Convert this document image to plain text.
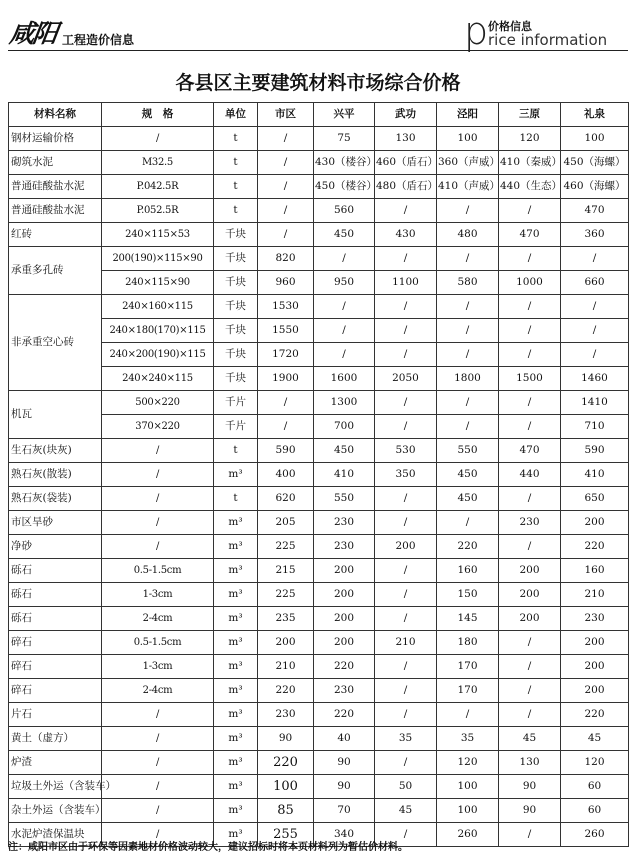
咸阳 工程造价信息	p 价格信息
rice information
各县区主要建筑材料市场综合价格
材料名称	规　格	单位	市区	兴平	武功	泾阳	三原	礼泉
钢材运输价格	/	t	/	75	130	100	120	100
砌筑水泥	M32.5	t	/	430（楼谷）	460（盾石）	360（声威）	410（秦威）	450（海螺）
普通硅酸盐水泥	P.042.5R	t	/	450（楼谷）	480（盾石）	410（声威）	440（生态）	460（海螺）
普通硅酸盐水泥	P.052.5R	t	/	560	/	/	/	470
红砖	240×115×53	千块	/	450	430	480	470	360
承重多孔砖	200(190)×115×90	千块	820	/	/	/	/	/
	240×115×90	千块	960	950	1100	580	1000	660
非承重空心砖	240×160×115	千块	1530	/	/	/	/	/
	240×180(170)×115	千块	1550	/	/	/	/	/
	240×200(190)×115	千块	1720	/	/	/	/	/
	240×240×115	千块	1900	1600	2050	1800	1500	1460
机瓦	500×220	千片	/	1300	/	/	/	1410
	370×220	千片	/	700	/	/	/	710
生石灰(块灰)	/	t	590	450	530	550	470	590
熟石灰(散装)	/	m³	400	410	350	450	440	410
熟石灰(袋装)	/	t	620	550	/	450	/	650
市区旱砂	/	m³	205	230	/	/	230	200
净砂	/	m³	225	230	200	220	/	220
砾石	0.5-1.5cm	m³	215	200	/	160	200	160
砾石	1-3cm	m³	225	200	/	150	200	210
砾石	2-4cm	m³	235	200	/	145	200	230
碎石	0.5-1.5cm	m³	200	200	210	180	/	200
碎石	1-3cm	m³	210	220	/	170	/	200
碎石	2-4cm	m³	220	230	/	170	/	200
片石	/	m³	230	220	/	/	/	220
黄土（虚方）	/	m³	90	40	35	35	45	45
炉渣	/	m³	220	90	/	120	130	120
垃圾土外运（含装车）	/	m³	100	90	50	100	90	60
杂土外运（含装车）	/	m³	85	70	45	100	90	60
水泥炉渣保温块	/	m³	255	340	/	260	/	260
注：咸阳市区由于环保等因素地材价格波动较大，建议招标时将本页材料列为暂估价材料。
